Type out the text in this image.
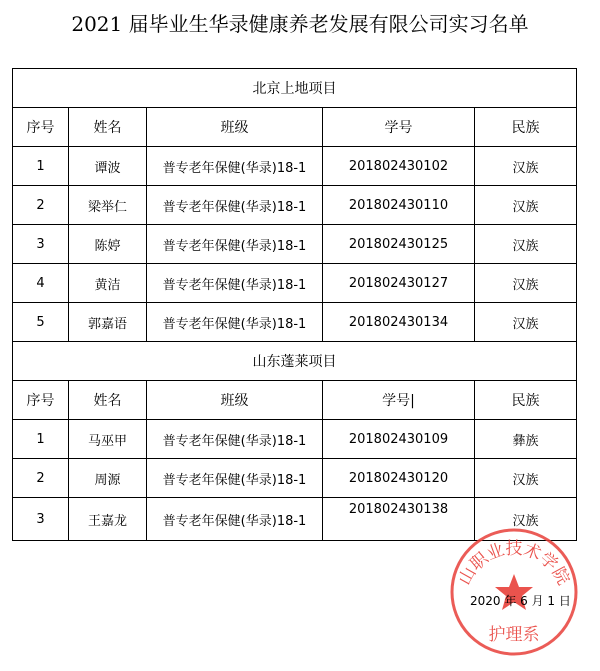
2021 届毕业生华录健康养老发展有限公司实习名单
北京上地项目				
序号	姓名	班级	学号	民族
1	谭波	普专老年保健(华录)18-1	201802430102	汉族
2	梁举仁	普专老年保健(华录)18-1	201802430110	汉族
3	陈婷	普专老年保健(华录)18-1	201802430125	汉族
4	黄洁	普专老年保健(华录)18-1	201802430127	汉族
5	郭嘉语	普专老年保健(华录)18-1	201802430134	汉族
山东蓬莱项目				
序号	姓名	班级	学号|	民族
1	马巫甲	普专老年保健(华录)18-1	201802430109	彝族
2	周源	普专老年保健(华录)18-1	201802430120	汉族
3	王嘉龙	普专老年保健(华录)18-1	201802430138	汉族
山职业技术学院
护理系
2020 年 6 月 1 日
